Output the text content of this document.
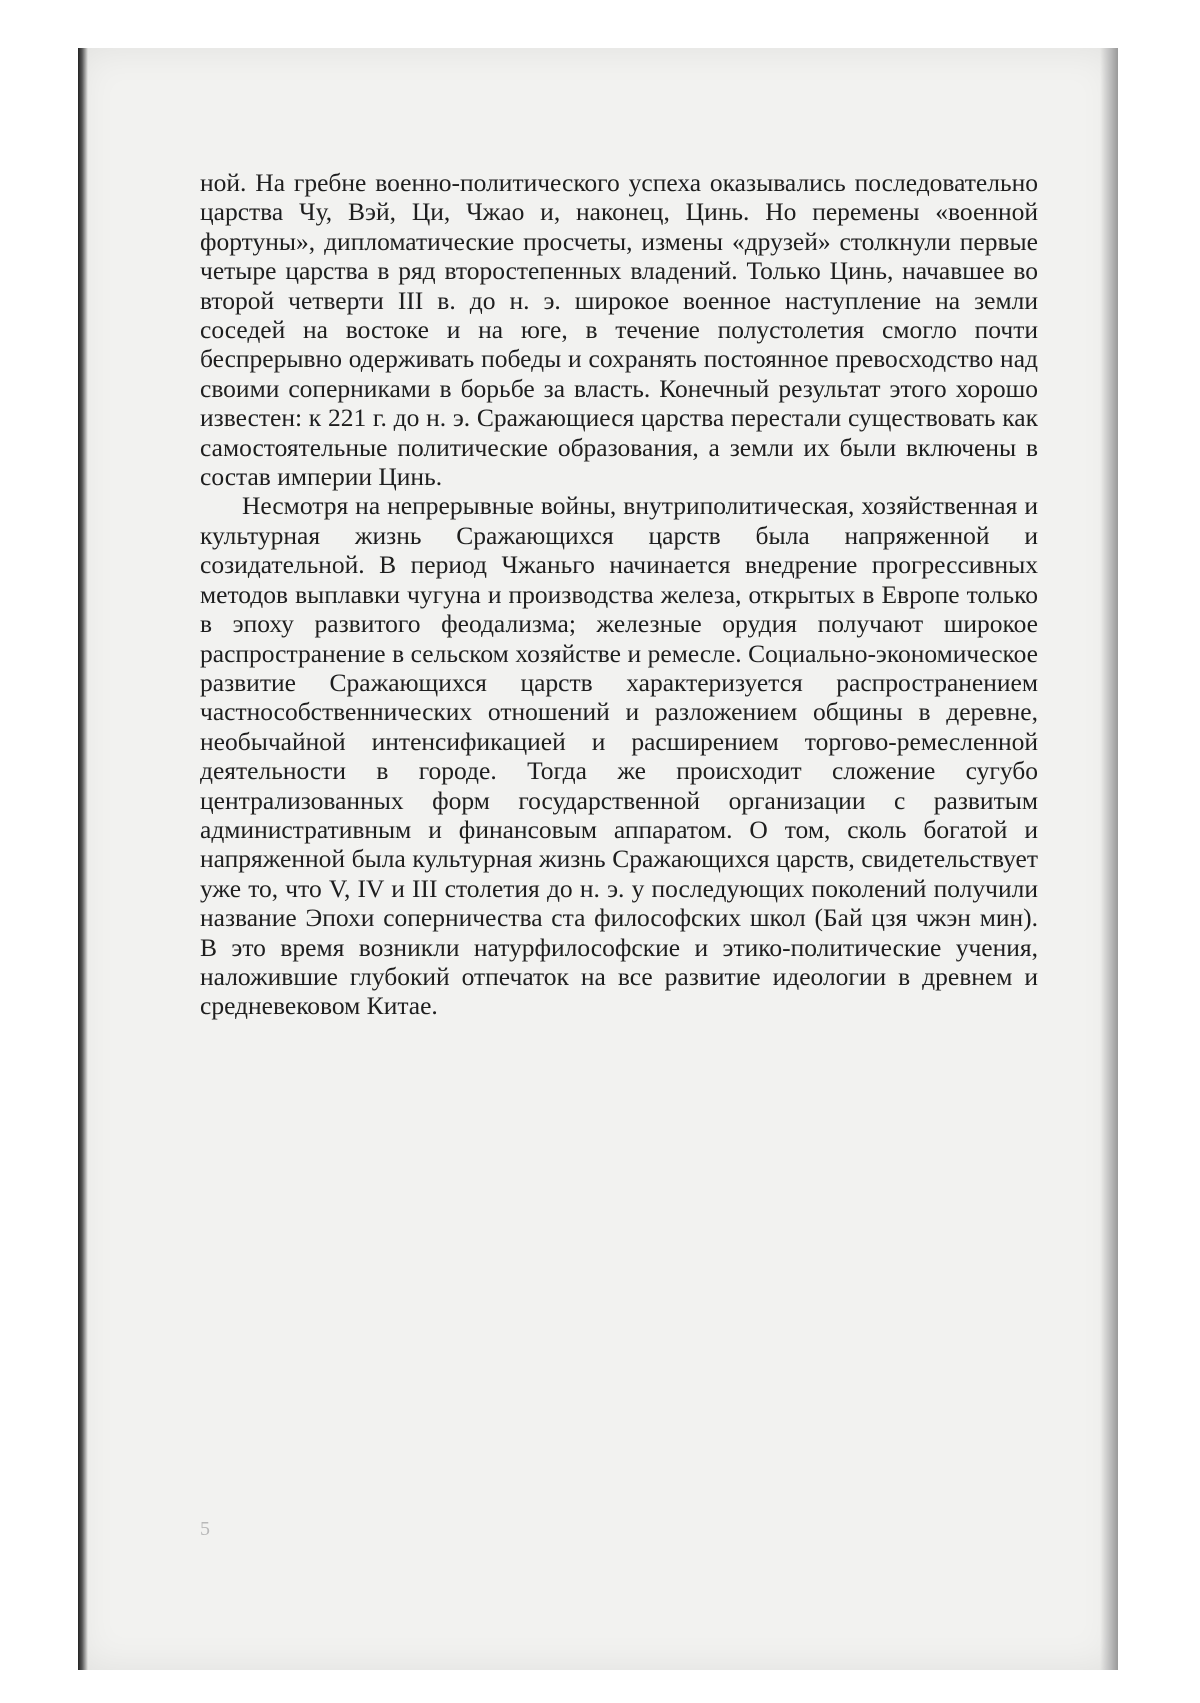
ной. На гребне военно-политического успеха оказывались последовательно царства Чу, Вэй, Ци, Чжао и, наконец, Цинь. Но перемены «военной фортуны», дипломатические просчеты, измены «друзей» столкнули первые четыре царства в ряд второстепенных владений. Только Цинь, начавшее во второй четверти III в. до н. э. широкое военное наступление на земли соседей на востоке и на юге, в течение полустолетия смогло почти беспрерывно одерживать победы и сохранять постоянное превосходство над своими соперниками в борьбе за власть. Конечный результат этого хорошо известен: к 221 г. до н. э. Сражающиеся царства перестали существовать как самостоятельные политические образования, а земли их были включены в состав империи Цинь.

Несмотря на непрерывные войны, внутриполитическая, хозяйственная и культурная жизнь Сражающихся царств была напряженной и созидательной. В период Чжаньго начинается внедрение прогрессивных методов выплавки чугуна и производства железа, открытых в Европе только в эпоху развитого феодализма; железные орудия получают широкое распространение в сельском хозяйстве и ремесле. Социально-экономическое развитие Сражающихся царств характеризуется распространением частнособственнических отношений и разложением общины в деревне, необычайной интенсификацией и расширением торгово-ремесленной деятельности в городе. Тогда же происходит сложение сугубо централизованных форм государственной организации с развитым административным и финансовым аппаратом. О том, сколь богатой и напряженной была культурная жизнь Сражающихся царств, свидетельствует уже то, что V, IV и III столетия до н. э. у последующих поколений получили название Эпохи соперничества ста философских школ (Бай цзя чжэн мин). В это время возникли натурфилософские и этико-политические учения, наложившие глубокий отпечаток на все развитие идеологии в древнем и средневековом Китае.

5
